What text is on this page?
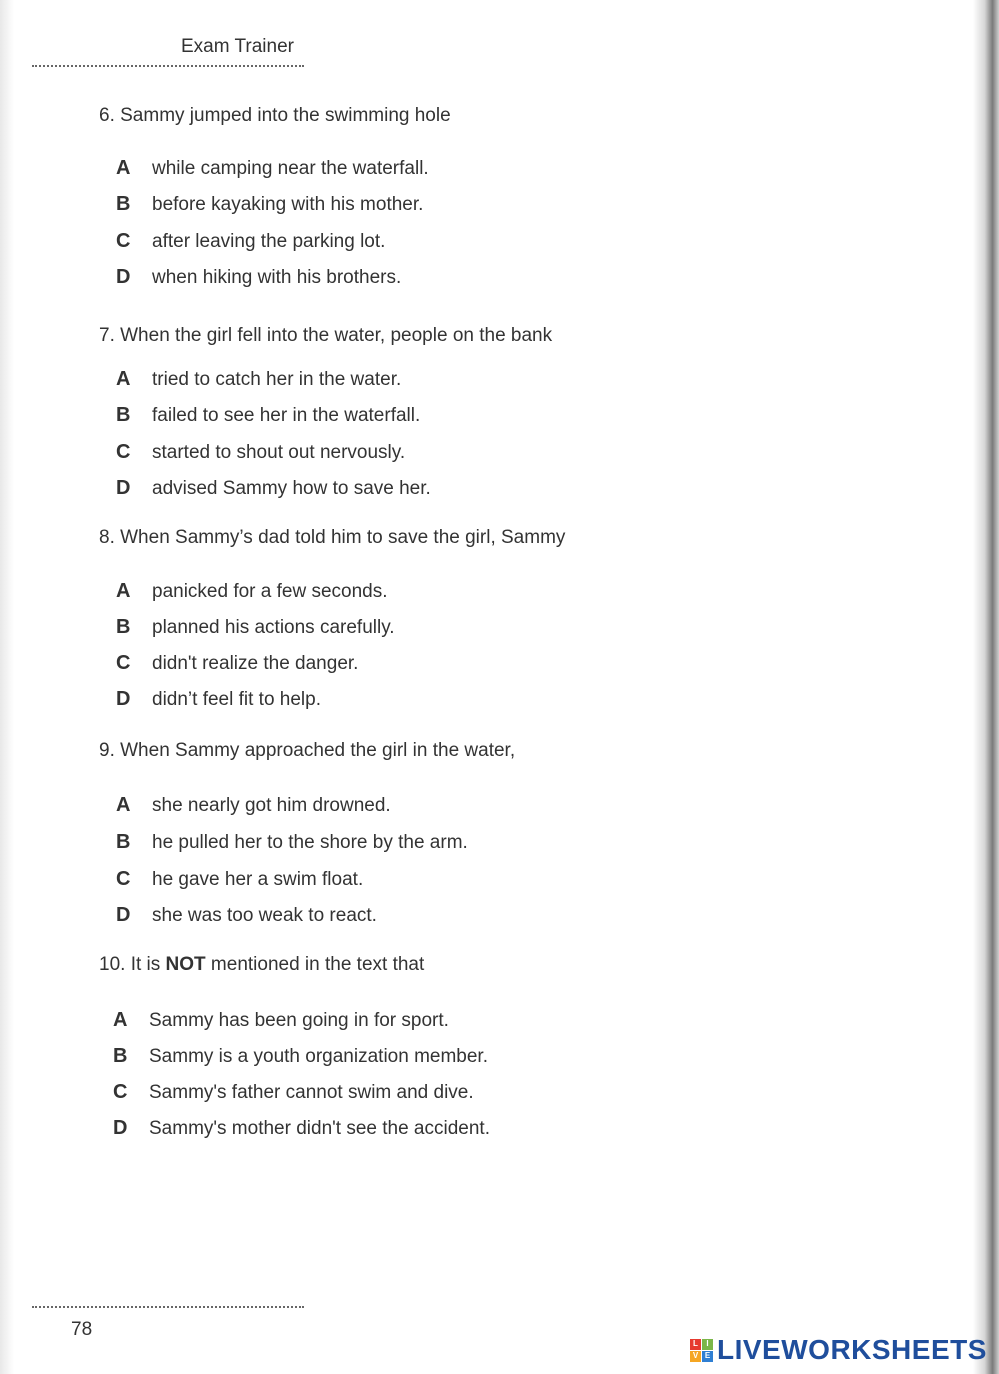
Exam Trainer
6. Sammy jumped into the swimming hole
A while camping near the waterfall.
B before kayaking with his mother.
C after leaving the parking lot.
D when hiking with his brothers.
7. When the girl fell into the water, people on the bank
A tried to catch her in the water.
B failed to see her in the waterfall.
C started to shout out nervously.
D advised Sammy how to save her.
8. When Sammy’s dad told him to save the girl, Sammy
A panicked for a few seconds.
B planned his actions carefully.
C didn't realize the danger.
D didn’t feel fit to help.
9. When Sammy approached the girl in the water,
A she nearly got him drowned.
B he pulled her to the shore by the arm.
C he gave her a swim float.
D she was too weak to react.
10. It is NOT mentioned in the text that
A Sammy has been going in for sport.
B Sammy is a youth organization member.
C Sammy's father cannot swim and dive.
D Sammy's mother didn't see the accident.
78
L	I
V E LIVEWORKSHEETS
